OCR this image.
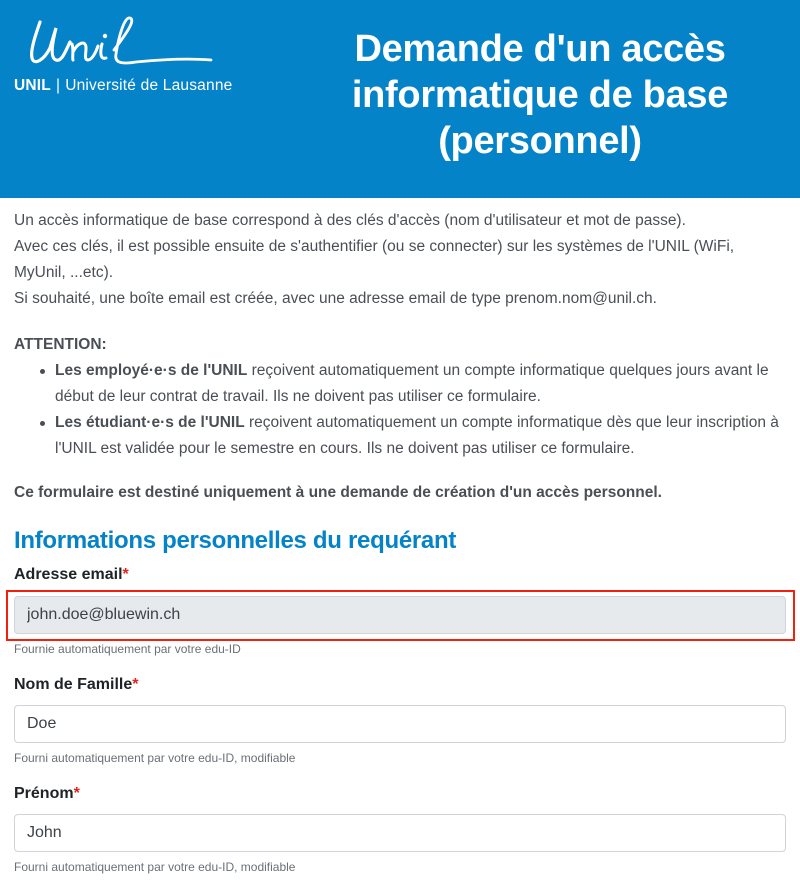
UNIL | Université de Lausanne
Demande d'un accès informatique de base (personnel)

Un accès informatique de base correspond à des clés d'accès (nom d'utilisateur et mot de passe).

Avec ces clés, il est possible ensuite de s'authentifier (ou se connecter) sur les systèmes de l'UNIL (WiFi, MyUnil, ...etc).

Si souhaité, une boîte email est créée, avec une adresse email de type prenom.nom@unil.ch.

ATTENTION:
Les employé·e·s de l'UNIL reçoivent automatiquement un compte informatique quelques jours avant le début de leur contrat de travail. Ils ne doivent pas utiliser ce formulaire.
Les étudiant·e·s de l'UNIL reçoivent automatiquement un compte informatique dès que leur inscription à l'UNIL est validée pour le semestre en cours. Ils ne doivent pas utiliser ce formulaire.
Ce formulaire est destiné uniquement à une demande de création d'un accès personnel.
Informations personnelles du requérant
Adresse email*
john.doe@bluewin.ch
Fournie automatiquement par votre edu-ID
Nom de Famille*
Doe
Fourni automatiquement par votre edu-ID, modifiable
Prénom*
John
Fourni automatiquement par votre edu-ID, modifiable
